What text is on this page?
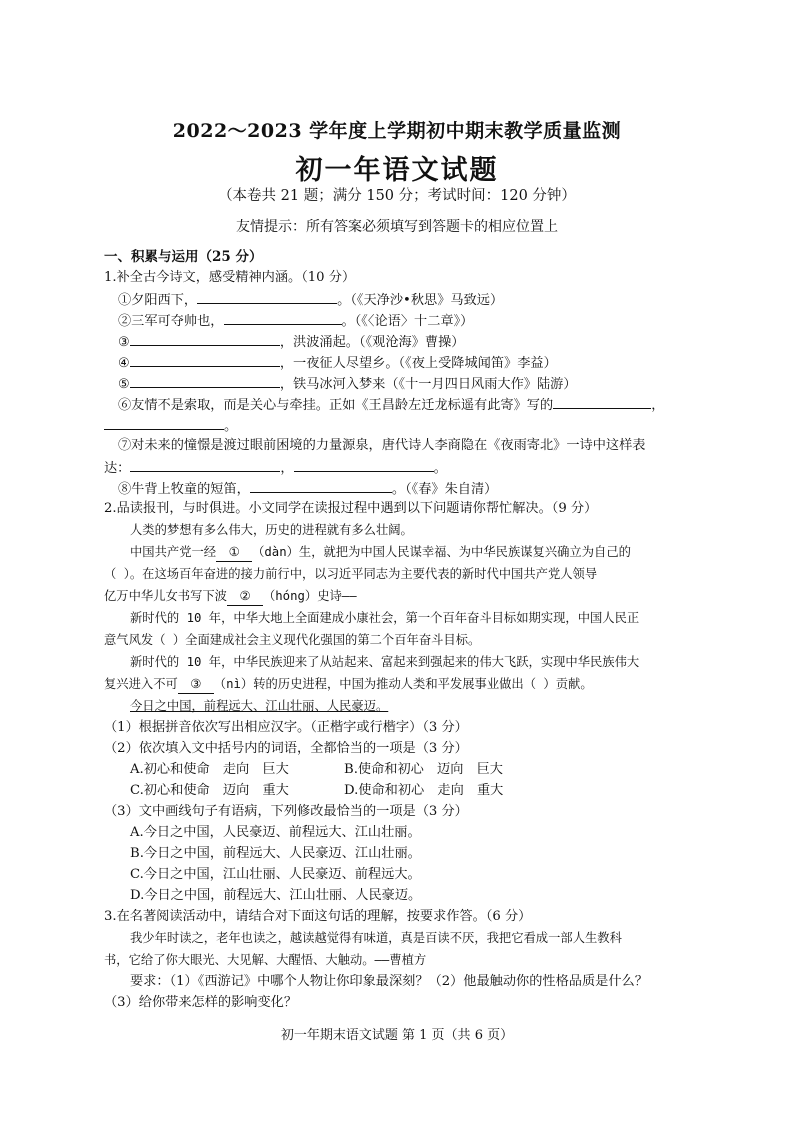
2022～2023 学年度上学期初中期末教学质量监测
初一年语文试题
（本卷共 21 题；满分 150 分；考试时间：120 分钟）
友情提示：所有答案必须填写到答题卡的相应位置上
一、积累与运用（25 分）
1.补全古今诗文，感受精神内涵。（10 分）
①夕阳西下，	。（《天净沙•秋思》马致远）
②三军可夺帅也，	。（《〈论语〉十二章》）
③	，洪波涌起。（《观沧海》曹操）
④	，一夜征人尽望乡。（《夜上受降城闻笛》李益）
⑤	，铁马冰河入梦来（《十一月四日风雨大作》陆游）
⑥友情不是索取，而是关心与牵挂。正如《王昌龄左迁龙标遥有此寄》写的	，
。
⑦对未来的憧憬是渡过眼前困境的力量源泉，唐代诗人李商隐在《夜雨寄北》一诗中这样表
达：	，	。
⑧牛背上牧童的短笛，	。（《春》朱自清）
2.品读报刊，与时俱进。小文同学在读报过程中遇到以下问题请你帮忙解决。（9 分）
人类的梦想有多么伟大，历史的进程就有多么壮阔。
中国共产党一经 ① （dàn）生，就把为中国人民谋幸福、为中华民族谋复兴确立为自己的
（ ）。在这场百年奋进的接力前行中，以习近平同志为主要代表的新时代中国共产党人领导
亿万中华儿女书写下波 ② （hóng）史诗——
新时代的 10 年，中华大地上全面建成小康社会，第一个百年奋斗目标如期实现，中国人民正
意气风发（ ）全面建成社会主义现代化强国的第二个百年奋斗目标。
新时代的 10 年，中华民族迎来了从站起来、富起来到强起来的伟大飞跃，实现中华民族伟大
复兴进入不可 ③ （nì）转的历史进程，中国为推动人类和平发展事业做出（ ）贡献。
今日之中国，前程远大、江山壮丽、人民豪迈。
（1）根据拼音依次写出相应汉字。（正楷字或行楷字）（3 分）
（2）依次填入文中括号内的词语，全都恰当的一项是（3 分）
A.初心和使命　走向　巨大	B.使命和初心　迈向　巨大
C.初心和使命　迈向　重大	D.使命和初心　走向　重大
（3）文中画线句子有语病，下列修改最恰当的一项是（3 分）
A.今日之中国，人民豪迈、前程远大、江山壮丽。
B.今日之中国，前程远大、人民豪迈、江山壮丽。
C.今日之中国，江山壮丽、人民豪迈、前程远大。
D.今日之中国，前程远大、江山壮丽、人民豪迈。
3.在名著阅读活动中，请结合对下面这句话的理解，按要求作答。（6 分）
我少年时读之，老年也读之，越读越觉得有味道，真是百读不厌，我把它看成一部人生教科
书，它给了你大眼光、大见解、大醒悟、大触动。——曹植方
要求：（1）《西游记》中哪个人物让你印象最深刻？（2）他最触动你的性格品质是什么？
（3）给你带来怎样的影响变化？
初一年期末语文试题 第 1 页（共 6 页）
